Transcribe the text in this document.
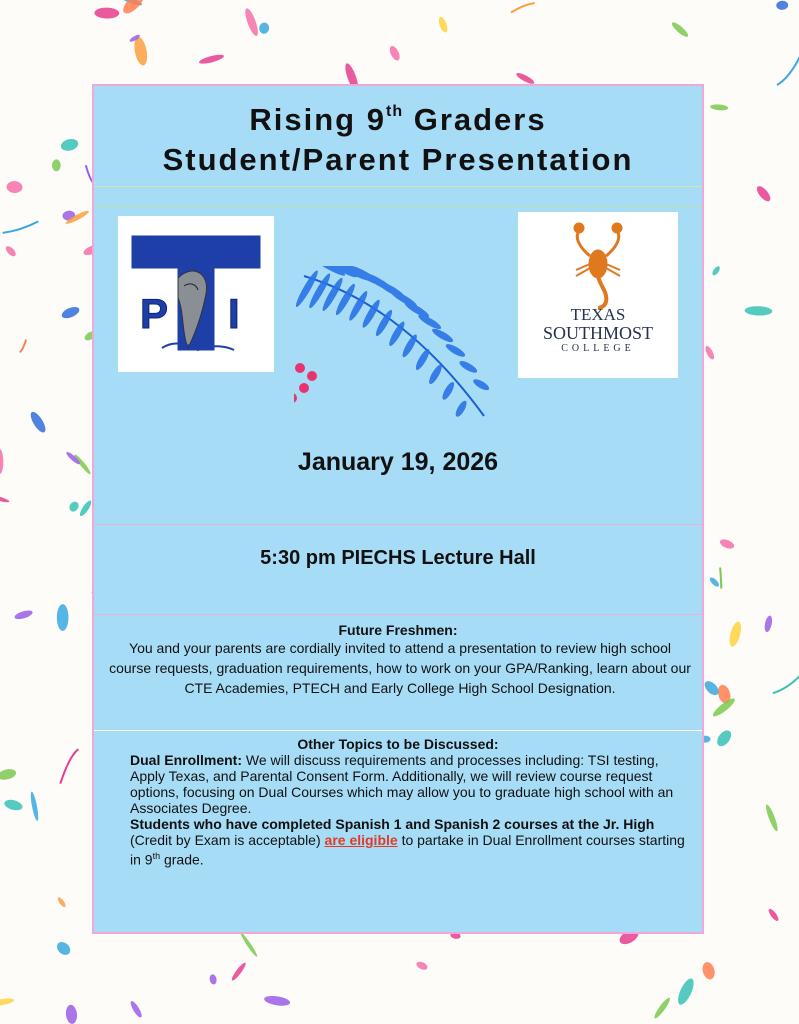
Rising 9th Graders
Student/Parent Presentation
P I	TEXAS
SOUTHMOST
COLLEGE
January 19, 2026
5:30 pm PIECHS Lecture Hall
Future Freshmen:
You and your parents are cordially invited to attend a presentation to review high school course requests, graduation requirements, how to work on your GPA/Ranking, learn about our CTE Academies, PTECH and Early College High School Designation.
Other Topics to be Discussed:

Dual Enrollment: We will discuss requirements and processes including: TSI testing, Apply Texas, and Parental Consent Form. Additionally, we will review course request options, focusing on Dual Courses which may allow you to graduate high school with an Associates Degree.

Students who have completed Spanish 1 and Spanish 2 courses at the Jr. High (Credit by Exam is acceptable) are eligible to partake in Dual Enrollment courses starting in 9th grade.
